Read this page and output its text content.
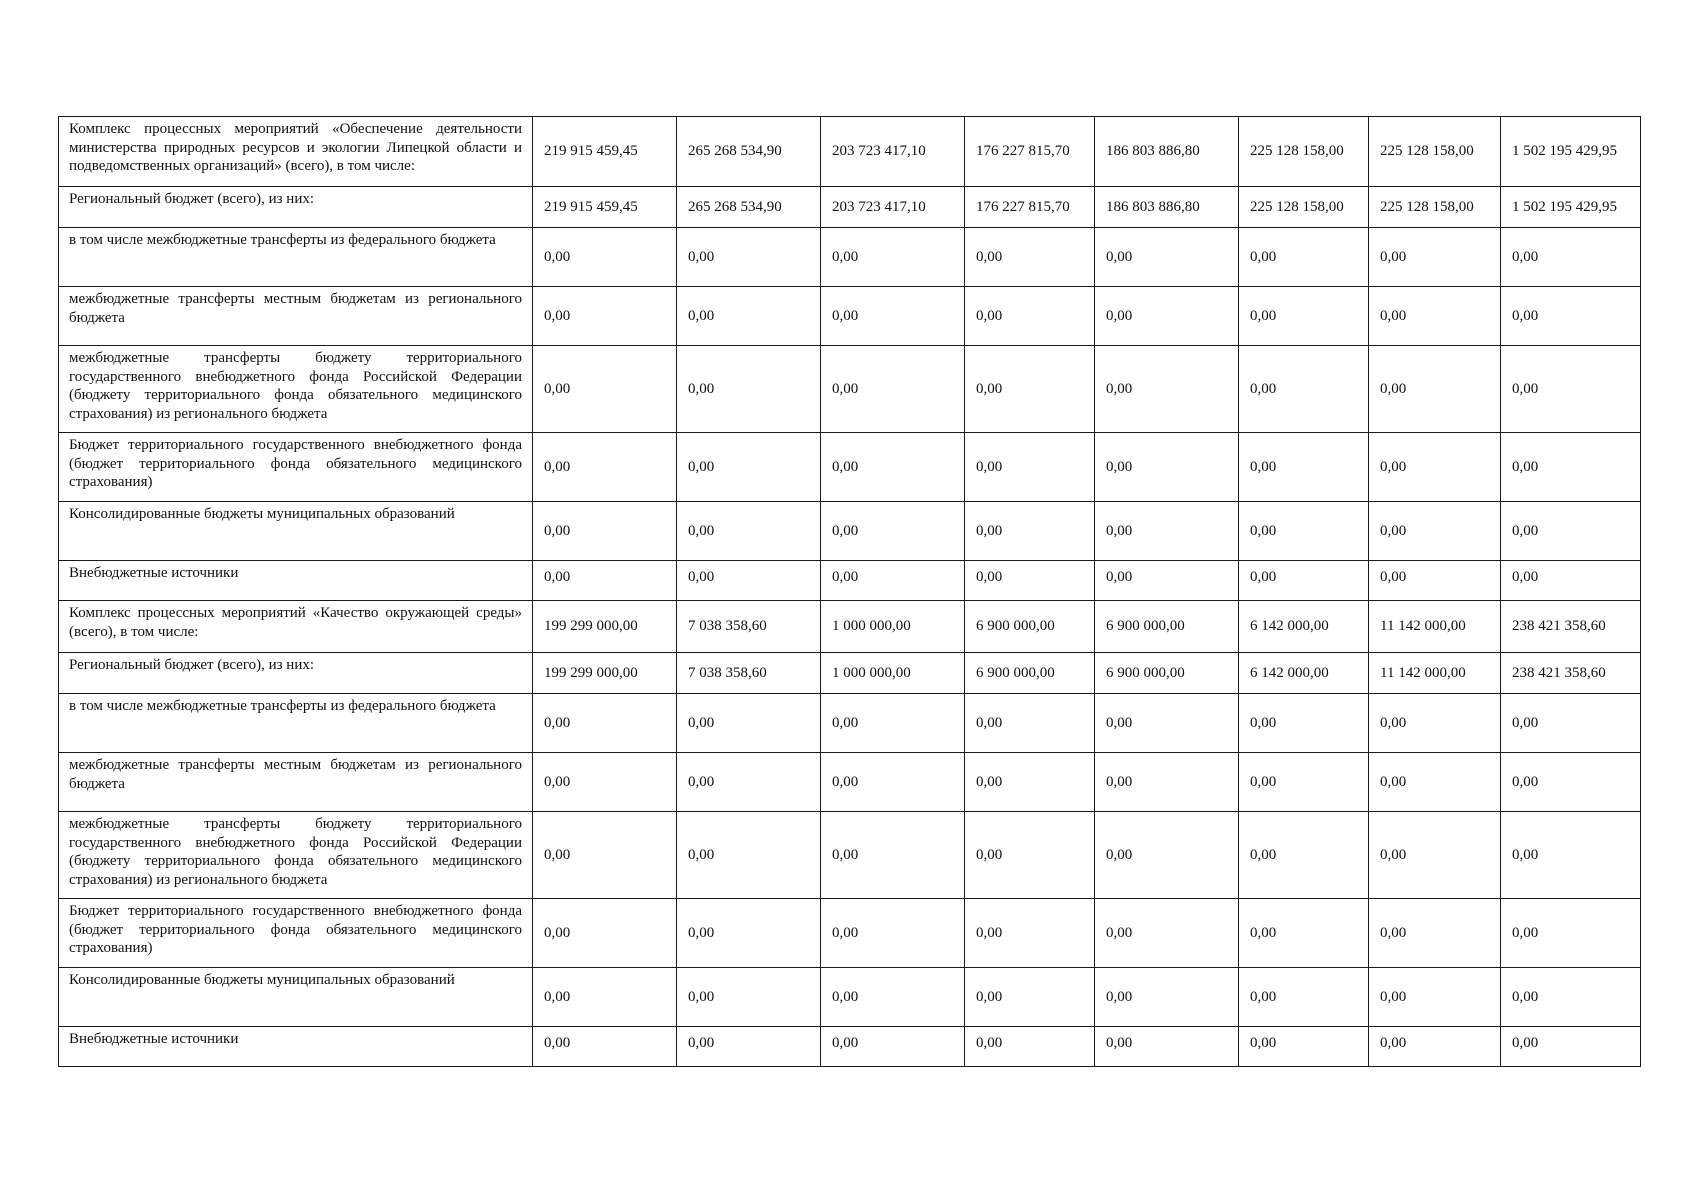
Комплекс процессных мероприятий «Обеспечение деятельности министерства природных ресурсов и экологии Липецкой области и подведомственных организаций» (всего), в том числе:	219 915 459,45	265 268 534,90	203 723 417,10	176 227 815,70	186 803 886,80	225 128 158,00	225 128 158,00	1 502 195 429,95
Региональный бюджет (всего), из них:	219 915 459,45	265 268 534,90	203 723 417,10	176 227 815,70	186 803 886,80	225 128 158,00	225 128 158,00	1 502 195 429,95
в том числе межбюджетные трансферты из федерального бюджета	0,00	0,00	0,00	0,00	0,00	0,00	0,00	0,00
межбюджетные трансферты местным бюджетам из регионального бюджета	0,00	0,00	0,00	0,00	0,00	0,00	0,00	0,00
межбюджетные трансферты бюджету территориального государственного внебюджетного фонда Российской Федерации (бюджету территориального фонда обязательного медицинского страхования) из регионального бюджета	0,00	0,00	0,00	0,00	0,00	0,00	0,00	0,00
Бюджет территориального государственного внебюджетного фонда (бюджет территориального фонда обязательного медицинского страхования)	0,00	0,00	0,00	0,00	0,00	0,00	0,00	0,00
Консолидированные бюджеты муниципальных образований	0,00	0,00	0,00	0,00	0,00	0,00	0,00	0,00
Внебюджетные источники	0,00	0,00	0,00	0,00	0,00	0,00	0,00	0,00
Комплекс процессных мероприятий «Качество окружающей среды» (всего), в том числе:	199 299 000,00	7 038 358,60	1 000 000,00	6 900 000,00	6 900 000,00	6 142 000,00	11 142 000,00	238 421 358,60
Региональный бюджет (всего), из них:	199 299 000,00	7 038 358,60	1 000 000,00	6 900 000,00	6 900 000,00	6 142 000,00	11 142 000,00	238 421 358,60
в том числе межбюджетные трансферты из федерального бюджета	0,00	0,00	0,00	0,00	0,00	0,00	0,00	0,00
межбюджетные трансферты местным бюджетам из регионального бюджета	0,00	0,00	0,00	0,00	0,00	0,00	0,00	0,00
межбюджетные трансферты бюджету территориального государственного внебюджетного фонда Российской Федерации (бюджету территориального фонда обязательного медицинского страхования) из регионального бюджета	0,00	0,00	0,00	0,00	0,00	0,00	0,00	0,00
Бюджет территориального государственного внебюджетного фонда (бюджет территориального фонда обязательного медицинского страхования)	0,00	0,00	0,00	0,00	0,00	0,00	0,00	0,00
Консолидированные бюджеты муниципальных образований	0,00	0,00	0,00	0,00	0,00	0,00	0,00	0,00
Внебюджетные источники	0,00	0,00	0,00	0,00	0,00	0,00	0,00	0,00
